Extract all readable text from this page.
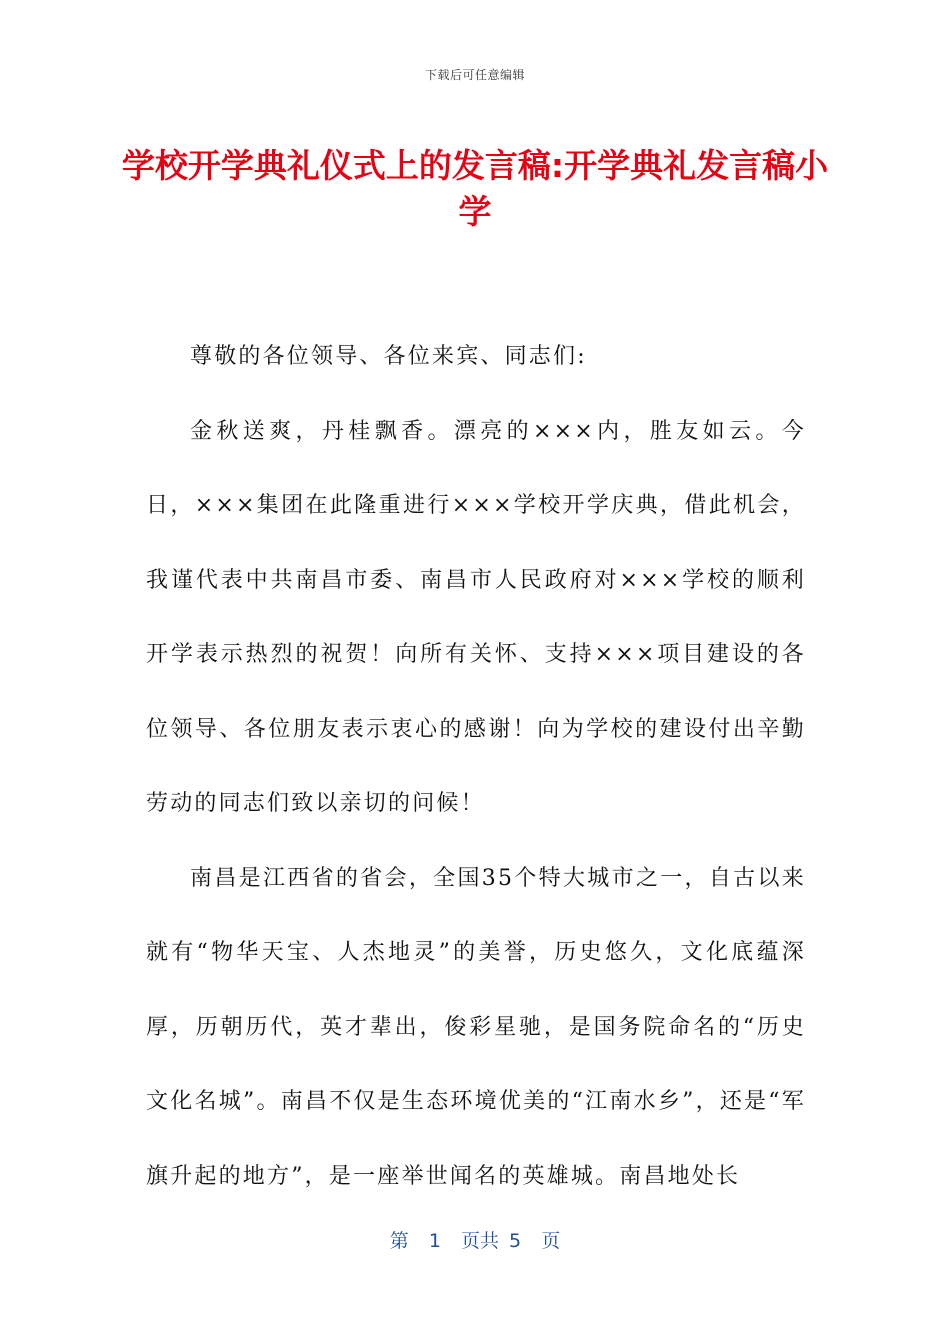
下载后可任意编辑
学校开学典礼仪式上的发言稿:开学典礼发言稿小学

尊敬的各位领导、各位来宾、同志们:

金秋送爽，丹桂飘香。漂亮的×××内，胜友如云。今日，×××集团在此隆重进行×××学校开学庆典，借此机会，我谨代表中共南昌市委、南昌市人民政府对×××学校的顺利开学表示热烈的祝贺！向所有关怀、支持×××项目建设的各位领导、各位朋友表示衷心的感谢！向为学校的建设付出辛勤劳动的同志们致以亲切的问候！

南昌是江西省的省会，全国35个特大城市之一，自古以来就有“物华天宝、人杰地灵”的美誉，历史悠久，文化底蕴深厚，历朝历代，英才辈出，俊彩星驰，是国务院命名的“历史文化名城”。南昌不仅是生态环境优美的“江南水乡”，还是“军旗升起的地方”，是一座举世闻名的英雄城。南昌地处长

第  1  页共 5  页
